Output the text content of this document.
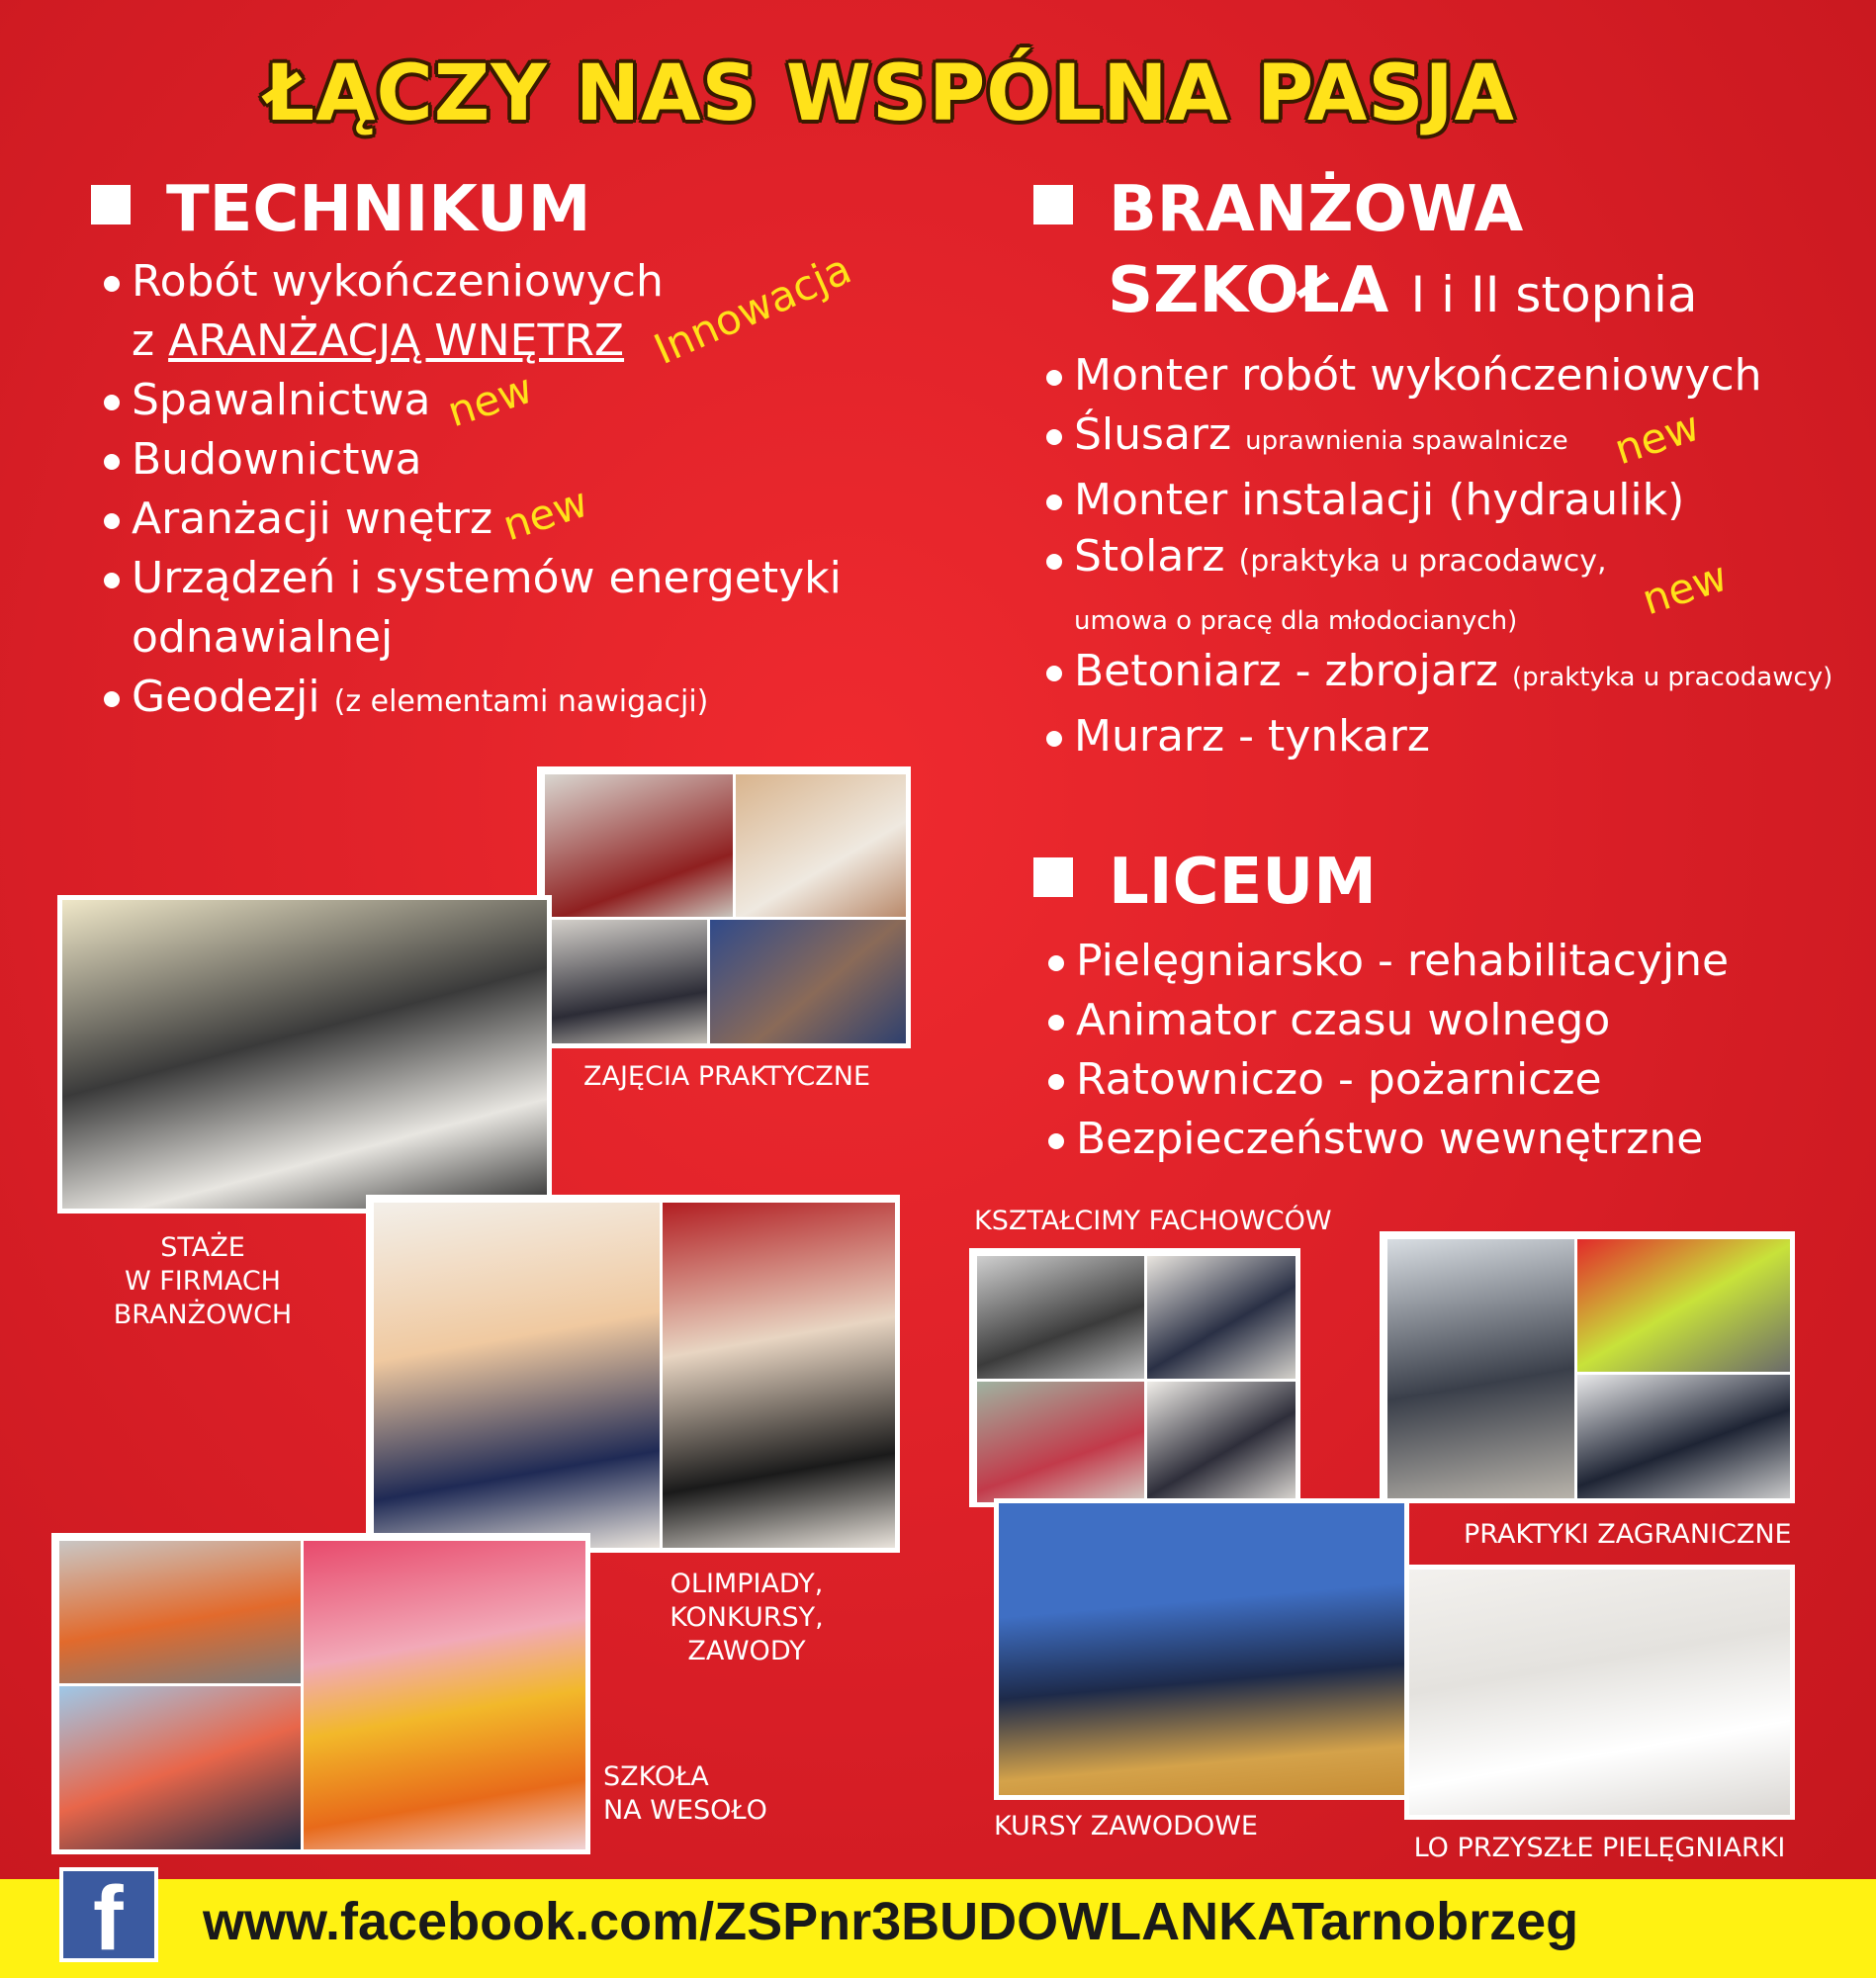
ŁĄCZY NAS WSPÓLNA PASJA
TECHNIKUM
Robót wykończeniowych
z ARANŻACJĄ WNĘTRZ
Spawalnictwa
Budownictwa
Aranżacji wnętrz
Urządzeń i systemów energetyki
odnawialnej
Geodezji (z elementami nawigacji)
Innowacja
new
new
BRANŻOWA
SZKOŁA I i II stopnia
Monter robót wykończeniowych
Ślusarz uprawnienia spawalnicze
Monter instalacji (hydraulik)
Stolarz (praktyka u pracodawcy,
umowa o pracę dla młodocianych)
Betoniarz - zbrojarz (praktyka u pracodawcy)
Murarz - tynkarz
new
new
LICEUM
Pielęgniarsko - rehabilitacyjne
Animator czasu wolnego
Ratowniczo - pożarnicze
Bezpieczeństwo wewnętrzne
ZAJĘCIA PRAKTYCZNE
STAŻE
W FIRMACH
BRANŻOWCH
OLIMPIADY,
KONKURSY,
ZAWODY
SZKOŁA
NA WESOŁO
KSZTAŁCIMY FACHOWCÓW
PRAKTYKI ZAGRANICZNE
KURSY ZAWODOWE
LO PRZYSZŁE PIELĘGNIARKI
f www.facebook.com/ZSPnr3BUDOWLANKATarnobrzeg
